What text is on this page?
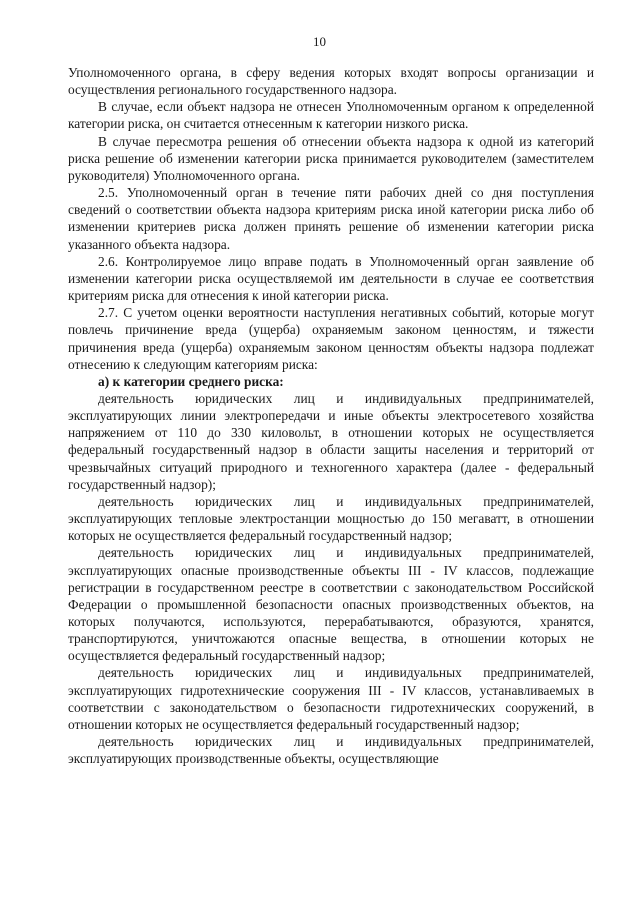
10

Уполномоченного органа, в сферу ведения которых входят вопросы организации и осуществления регионального государственного надзора.

В случае, если объект надзора не отнесен Уполномоченным органом к определенной категории риска, он считается отнесенным к категории низкого риска.

В случае пересмотра решения об отнесении объекта надзора к одной из категорий риска решение об изменении категории риска принимается руководителем (заместителем руководителя) Уполномоченного органа.

2.5. Уполномоченный орган в течение пяти рабочих дней со дня поступления сведений о соответствии объекта надзора критериям риска иной категории риска либо об изменении критериев риска должен принять решение об изменении категории риска указанного объекта надзора.

2.6. Контролируемое лицо вправе подать в Уполномоченный орган заявление об изменении категории риска осуществляемой им деятельности в случае ее соответствия критериям риска для отнесения к иной категории риска.

2.7. С учетом оценки вероятности наступления негативных событий, которые могут повлечь причинение вреда (ущерба) охраняемым законом ценностям, и тяжести причинения вреда (ущерба) охраняемым законом ценностям объекты надзора подлежат отнесению к следующим категориям риска:

а) к категории среднего риска:

деятельность юридических лиц и индивидуальных предпринимателей, эксплуатирующих линии электропередачи и иные объекты электросетевого хозяйства напряжением от 110 до 330 киловольт, в отношении которых не осуществляется федеральный государственный надзор в области защиты населения и территорий от чрезвычайных ситуаций природного и техногенного характера (далее - федеральный государственный надзор);

деятельность юридических лиц и индивидуальных предпринимателей, эксплуатирующих тепловые электростанции мощностью до 150 мегаватт, в отношении которых не осуществляется федеральный государственный надзор;

деятельность юридических лиц и индивидуальных предпринимателей, эксплуатирующих опасные производственные объекты III - IV классов, подлежащие регистрации в государственном реестре в соответствии с законодательством Российской Федерации о промышленной безопасности опасных производственных объектов, на которых получаются, используются, перерабатываются, образуются, хранятся, транспортируются, уничтожаются опасные вещества, в отношении которых не осуществляется федеральный государственный надзор;

деятельность юридических лиц и индивидуальных предпринимателей, эксплуатирующих гидротехнические сооружения III - IV классов, устанавливаемых в соответствии с законодательством о безопасности гидротехнических сооружений, в отношении которых не осуществляется федеральный государственный надзор;

деятельность юридических лиц и индивидуальных предпринимателей, эксплуатирующих производственные объекты, осуществляющие
